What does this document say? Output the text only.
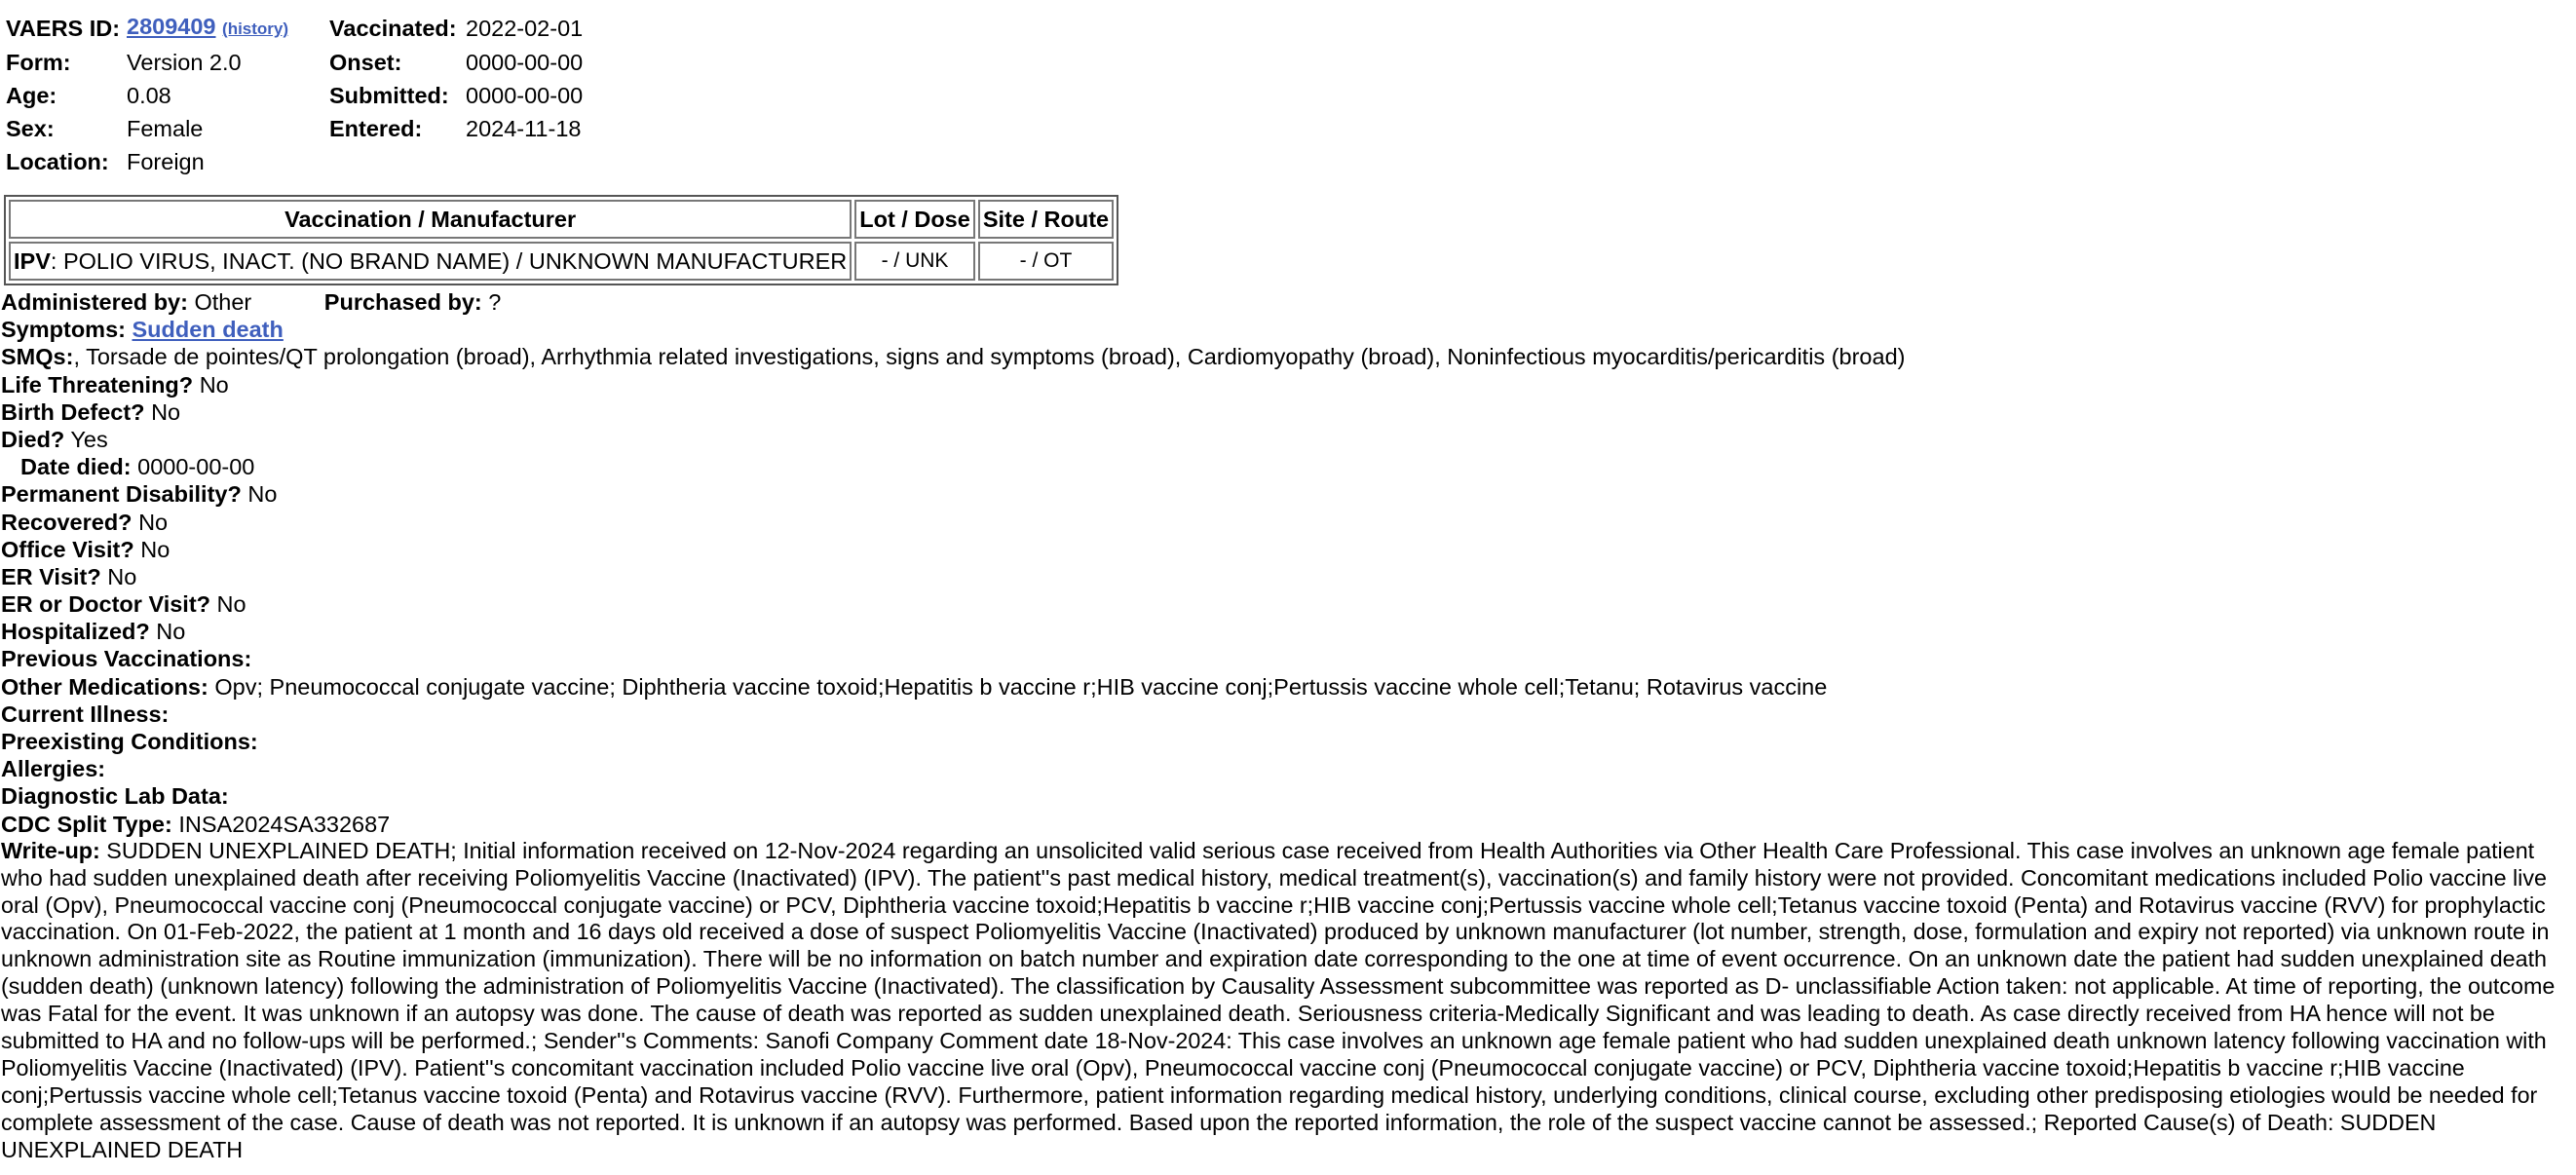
VAERS ID:	2809409 (history)	Vaccinated:	2022-02-01
Form:	Version 2.0	Onset:	0000-00-00
Age:	0.08	Submitted:	0000-00-00
Sex:	Female	Entered:	2024-11-18
Location:	Foreign		
Vaccination / Manufacturer	Lot / Dose	Site / Route
IPV: POLIO VIRUS, INACT. (NO BRAND NAME) / UNKNOWN MANUFACTURER	- / UNK	- / OT
Administered by: Other	Purchased by: ?
Symptoms: Sudden death
SMQs:, Torsade de pointes/QT prolongation (broad), Arrhythmia related investigations, signs and symptoms (broad), Cardiomyopathy (broad), Noninfectious myocarditis/pericarditis (broad)
Life Threatening? No
Birth Defect? No
Died? Yes
Date died: 0000-00-00
Permanent Disability? No
Recovered? No
Office Visit? No
ER Visit? No
ER or Doctor Visit? No
Hospitalized? No
Previous Vaccinations:
Other Medications: Opv; Pneumococcal conjugate vaccine; Diphtheria vaccine toxoid;Hepatitis b vaccine r;HIB vaccine conj;Pertussis vaccine whole cell;Tetanu; Rotavirus vaccine
Current Illness:
Preexisting Conditions:
Allergies:
Diagnostic Lab Data:
CDC Split Type: INSA2024SA332687
Write-up: SUDDEN UNEXPLAINED DEATH; Initial information received on 12-Nov-2024 regarding an unsolicited valid serious case received from Health Authorities via Other Health Care Professional. This case involves an unknown age female patient who had sudden unexplained death after receiving Poliomyelitis Vaccine (Inactivated) (IPV). The patient''s past medical history, medical treatment(s), vaccination(s) and family history were not provided. Concomitant medications included Polio vaccine live oral (Opv), Pneumococcal vaccine conj (Pneumococcal conjugate vaccine) or PCV, Diphtheria vaccine toxoid;Hepatitis b vaccine r;HIB vaccine conj;Pertussis vaccine whole cell;Tetanus vaccine toxoid (Penta) and Rotavirus vaccine (RVV) for prophylactic vaccination. On 01-Feb-2022, the patient at 1 month and 16 days old received a dose of suspect Poliomyelitis Vaccine (Inactivated) produced by unknown manufacturer (lot number, strength, dose, formulation and expiry not reported) via unknown route in unknown administration site as Routine immunization (immunization). There will be no information on batch number and expiration date corresponding to the one at time of event occurrence. On an unknown date the patient had sudden unexplained death (sudden death) (unknown latency) following the administration of Poliomyelitis Vaccine (Inactivated). The classification by Causality Assessment subcommittee was reported as D- unclassifiable Action taken: not applicable. At time of reporting, the outcome was Fatal for the event. It was unknown if an autopsy was done. The cause of death was reported as sudden unexplained death. Seriousness criteria-Medically Significant and was leading to death. As case directly received from HA hence will not be submitted to HA and no follow-ups will be performed.; Sender''s Comments: Sanofi Company Comment date 18-Nov-2024: This case involves an unknown age female patient who had sudden unexplained death unknown latency following vaccination with Poliomyelitis Vaccine (Inactivated) (IPV). Patient''s concomitant vaccination included Polio vaccine live oral (Opv), Pneumococcal vaccine conj (Pneumococcal conjugate vaccine) or PCV, Diphtheria vaccine toxoid;Hepatitis b vaccine r;HIB vaccine conj;Pertussis vaccine whole cell;Tetanus vaccine toxoid (Penta) and Rotavirus vaccine (RVV). Furthermore, patient information regarding medical history, underlying conditions, clinical course, excluding other predisposing etiologies would be needed for complete assessment of the case. Cause of death was not reported. It is unknown if an autopsy was performed. Based upon the reported information, the role of the suspect vaccine cannot be assessed.; Reported Cause(s) of Death: SUDDEN UNEXPLAINED DEATH
